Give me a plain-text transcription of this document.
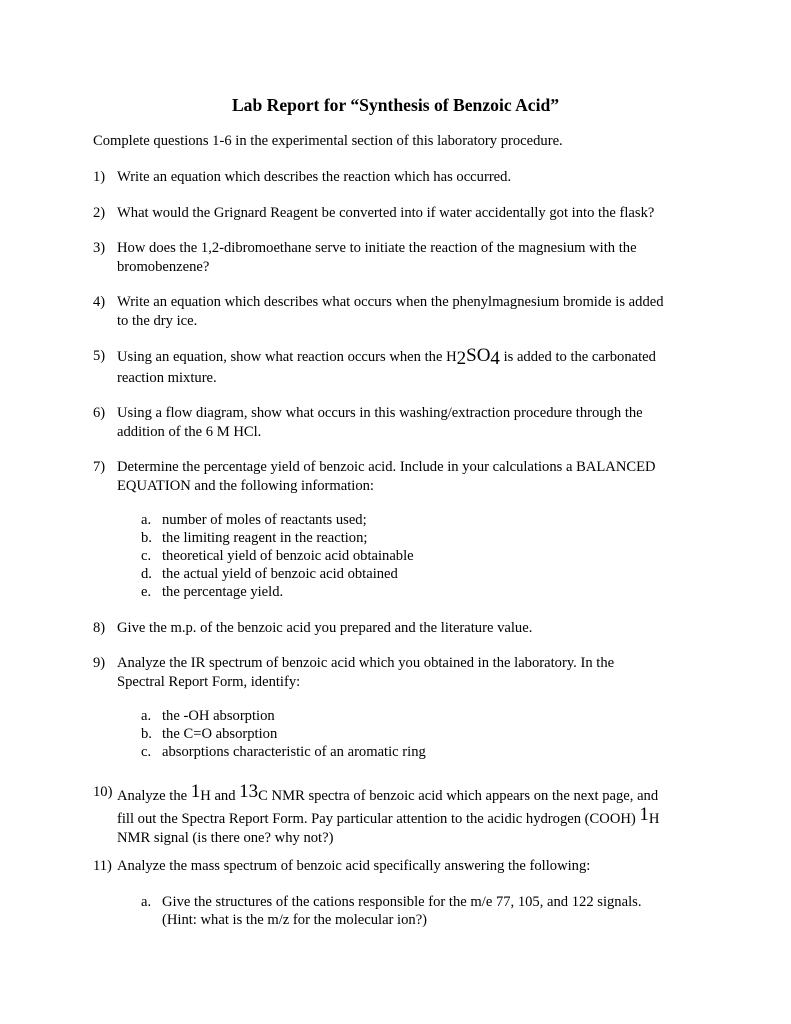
Lab Report for “Synthesis of Benzoic Acid”
Complete questions 1-6 in the experimental section of this laboratory procedure.
1) Write an equation which describes the reaction which has occurred.
2) What would the Grignard Reagent be converted into if water accidentally got into the flask?
3) How does the 1,2-dibromoethane serve to initiate the reaction of the magnesium with the
bromobenzene?
4) Write an equation which describes what occurs when the phenylmagnesium bromide is added
to the dry ice.
5) Using an equation, show what reaction occurs when the H2SO4 is added to the carbonated
reaction mixture.
6) Using a flow diagram, show what occurs in this washing/extraction procedure through the
addition of the 6 M HCl.
7) Determine the percentage yield of benzoic acid. Include in your calculations a BALANCED
EQUATION and the following information:
a. number of moles of reactants used;
b. the limiting reagent in the reaction;
c. theoretical yield of benzoic acid obtainable
d. the actual yield of benzoic acid obtained
e. the percentage yield.
8) Give the m.p. of the benzoic acid you prepared and the literature value.
9) Analyze the IR spectrum of benzoic acid which you obtained in the laboratory. In the
Spectral Report Form, identify:
a. the -OH absorption
b. the C=O absorption
c. absorptions characteristic of an aromatic ring
10) Analyze the 1H and 13C NMR spectra of benzoic acid which appears on the next page, and
fill out the Spectra Report Form. Pay particular attention to the acidic hydrogen (COOH) 1H
NMR signal (is there one? why not?)
11) Analyze the mass spectrum of benzoic acid specifically answering the following:
a. Give the structures of the cations responsible for the m/e 77, 105, and 122 signals.
(Hint: what is the m/z for the molecular ion?)
